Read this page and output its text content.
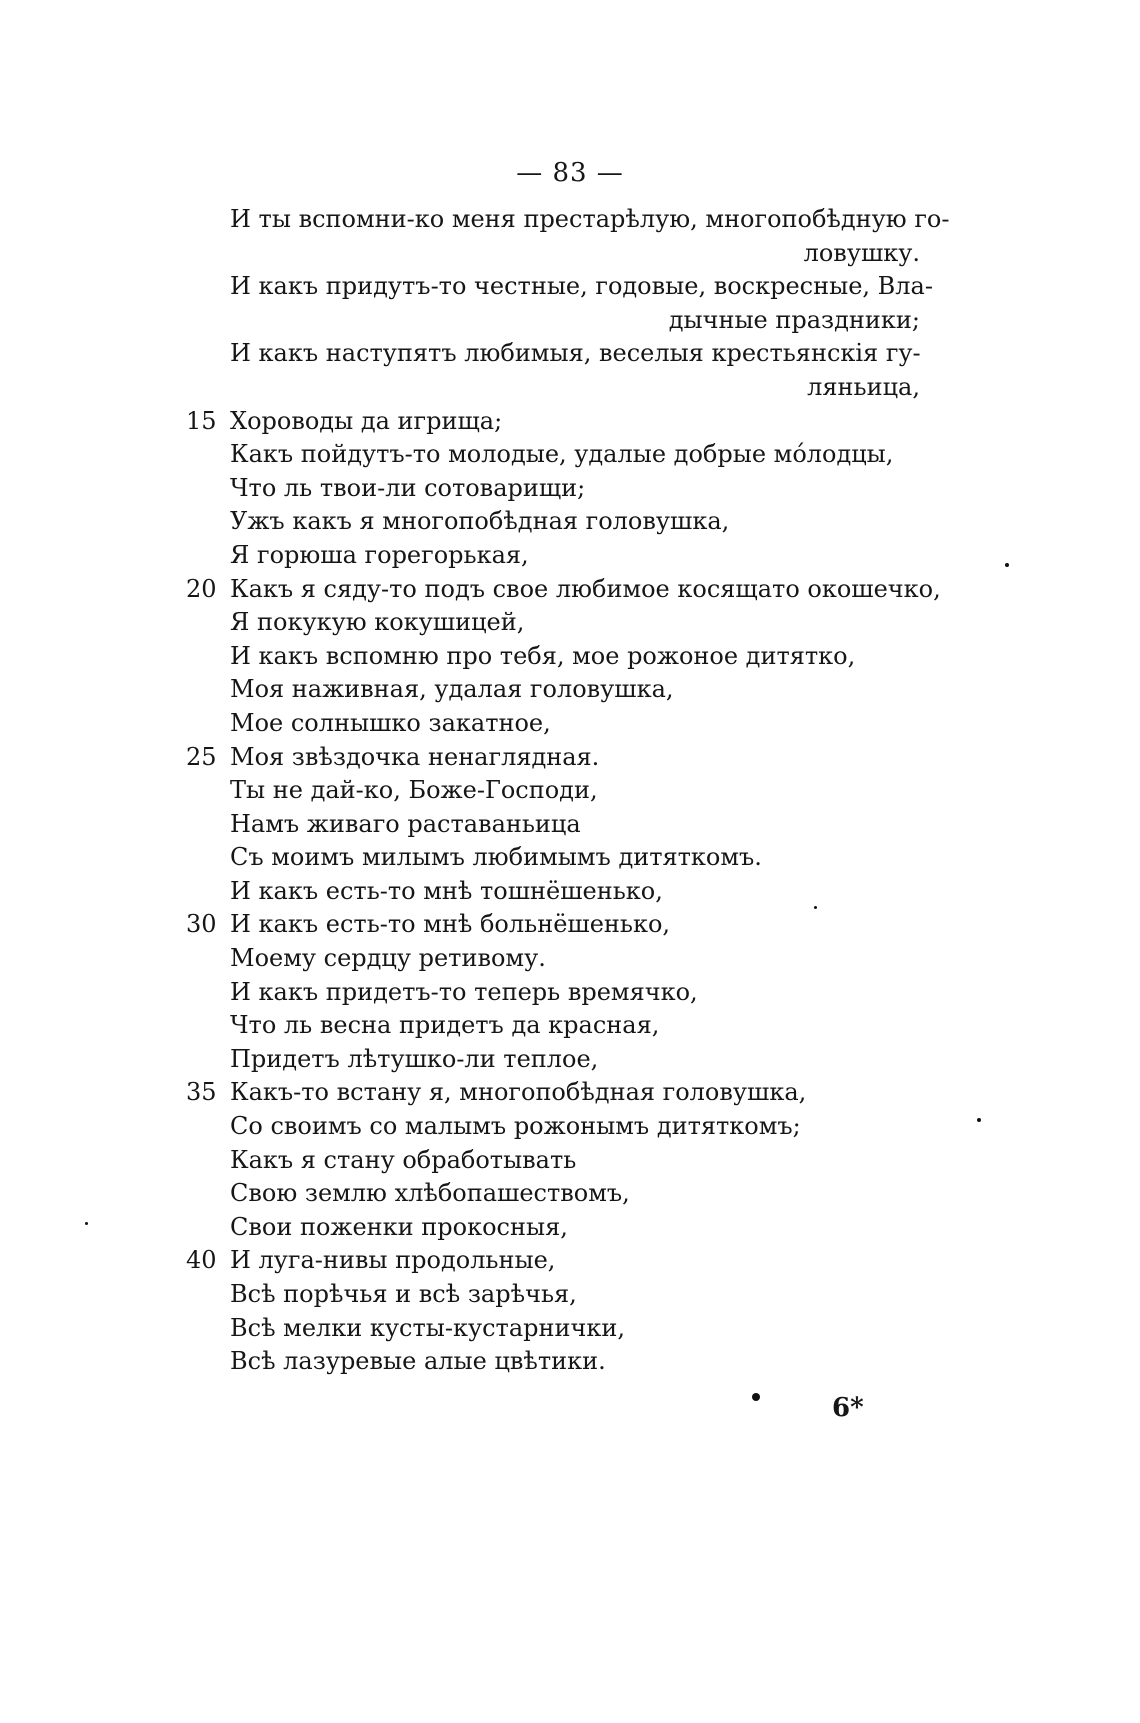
— 83 —
И ты вспомни-ко меня престарѣлую, многопобѣдную го-
ловушку.
И какъ придутъ-то честные, годовые, воскресные, Вла-
дычные праздники;
И какъ наступятъ любимыя, веселыя крестьянскія гу-
ляньица,
15 Хороводы да игрища;
Какъ пойдутъ-то молодые, удалые добрые мо́лодцы,
Что ль твои-ли сотоварищи;
Ужъ какъ я многопобѣдная головушка,
Я горюша горегорькая,
20 Какъ я сяду-то подъ свое любимое косящато окошечко,
Я покукую кокушицей,
И какъ вспомню про тебя, мое рожоное дитятко,
Моя наживная, удалая головушка,
Мое солнышко закатное,
25 Моя звѣздочка ненаглядная.
Ты не дай-ко, Боже-Господи,
Намъ живаго раставаньица
Съ моимъ милымъ любимымъ дитяткомъ.
И какъ есть-то мнѣ тошнёшенько,
30 И какъ есть-то мнѣ больнёшенько,
Моему сердцу ретивому.
И какъ придетъ-то теперь времячко,
Что ль весна придетъ да красная,
Придетъ лѣтушко-ли теплое,
35 Какъ-то встану я, многопобѣдная головушка,
Со своимъ со малымъ рожонымъ дитяткомъ;
Какъ я стану обработывать
Свою землю хлѣбопашествомъ,
Свои поженки прокосныя,
40 И луга-нивы продольные,
Всѣ порѣчья и всѣ зарѣчья,
Всѣ мелки кусты-кустарнички,
Всѣ лазуревые алые цвѣтики.
6*
